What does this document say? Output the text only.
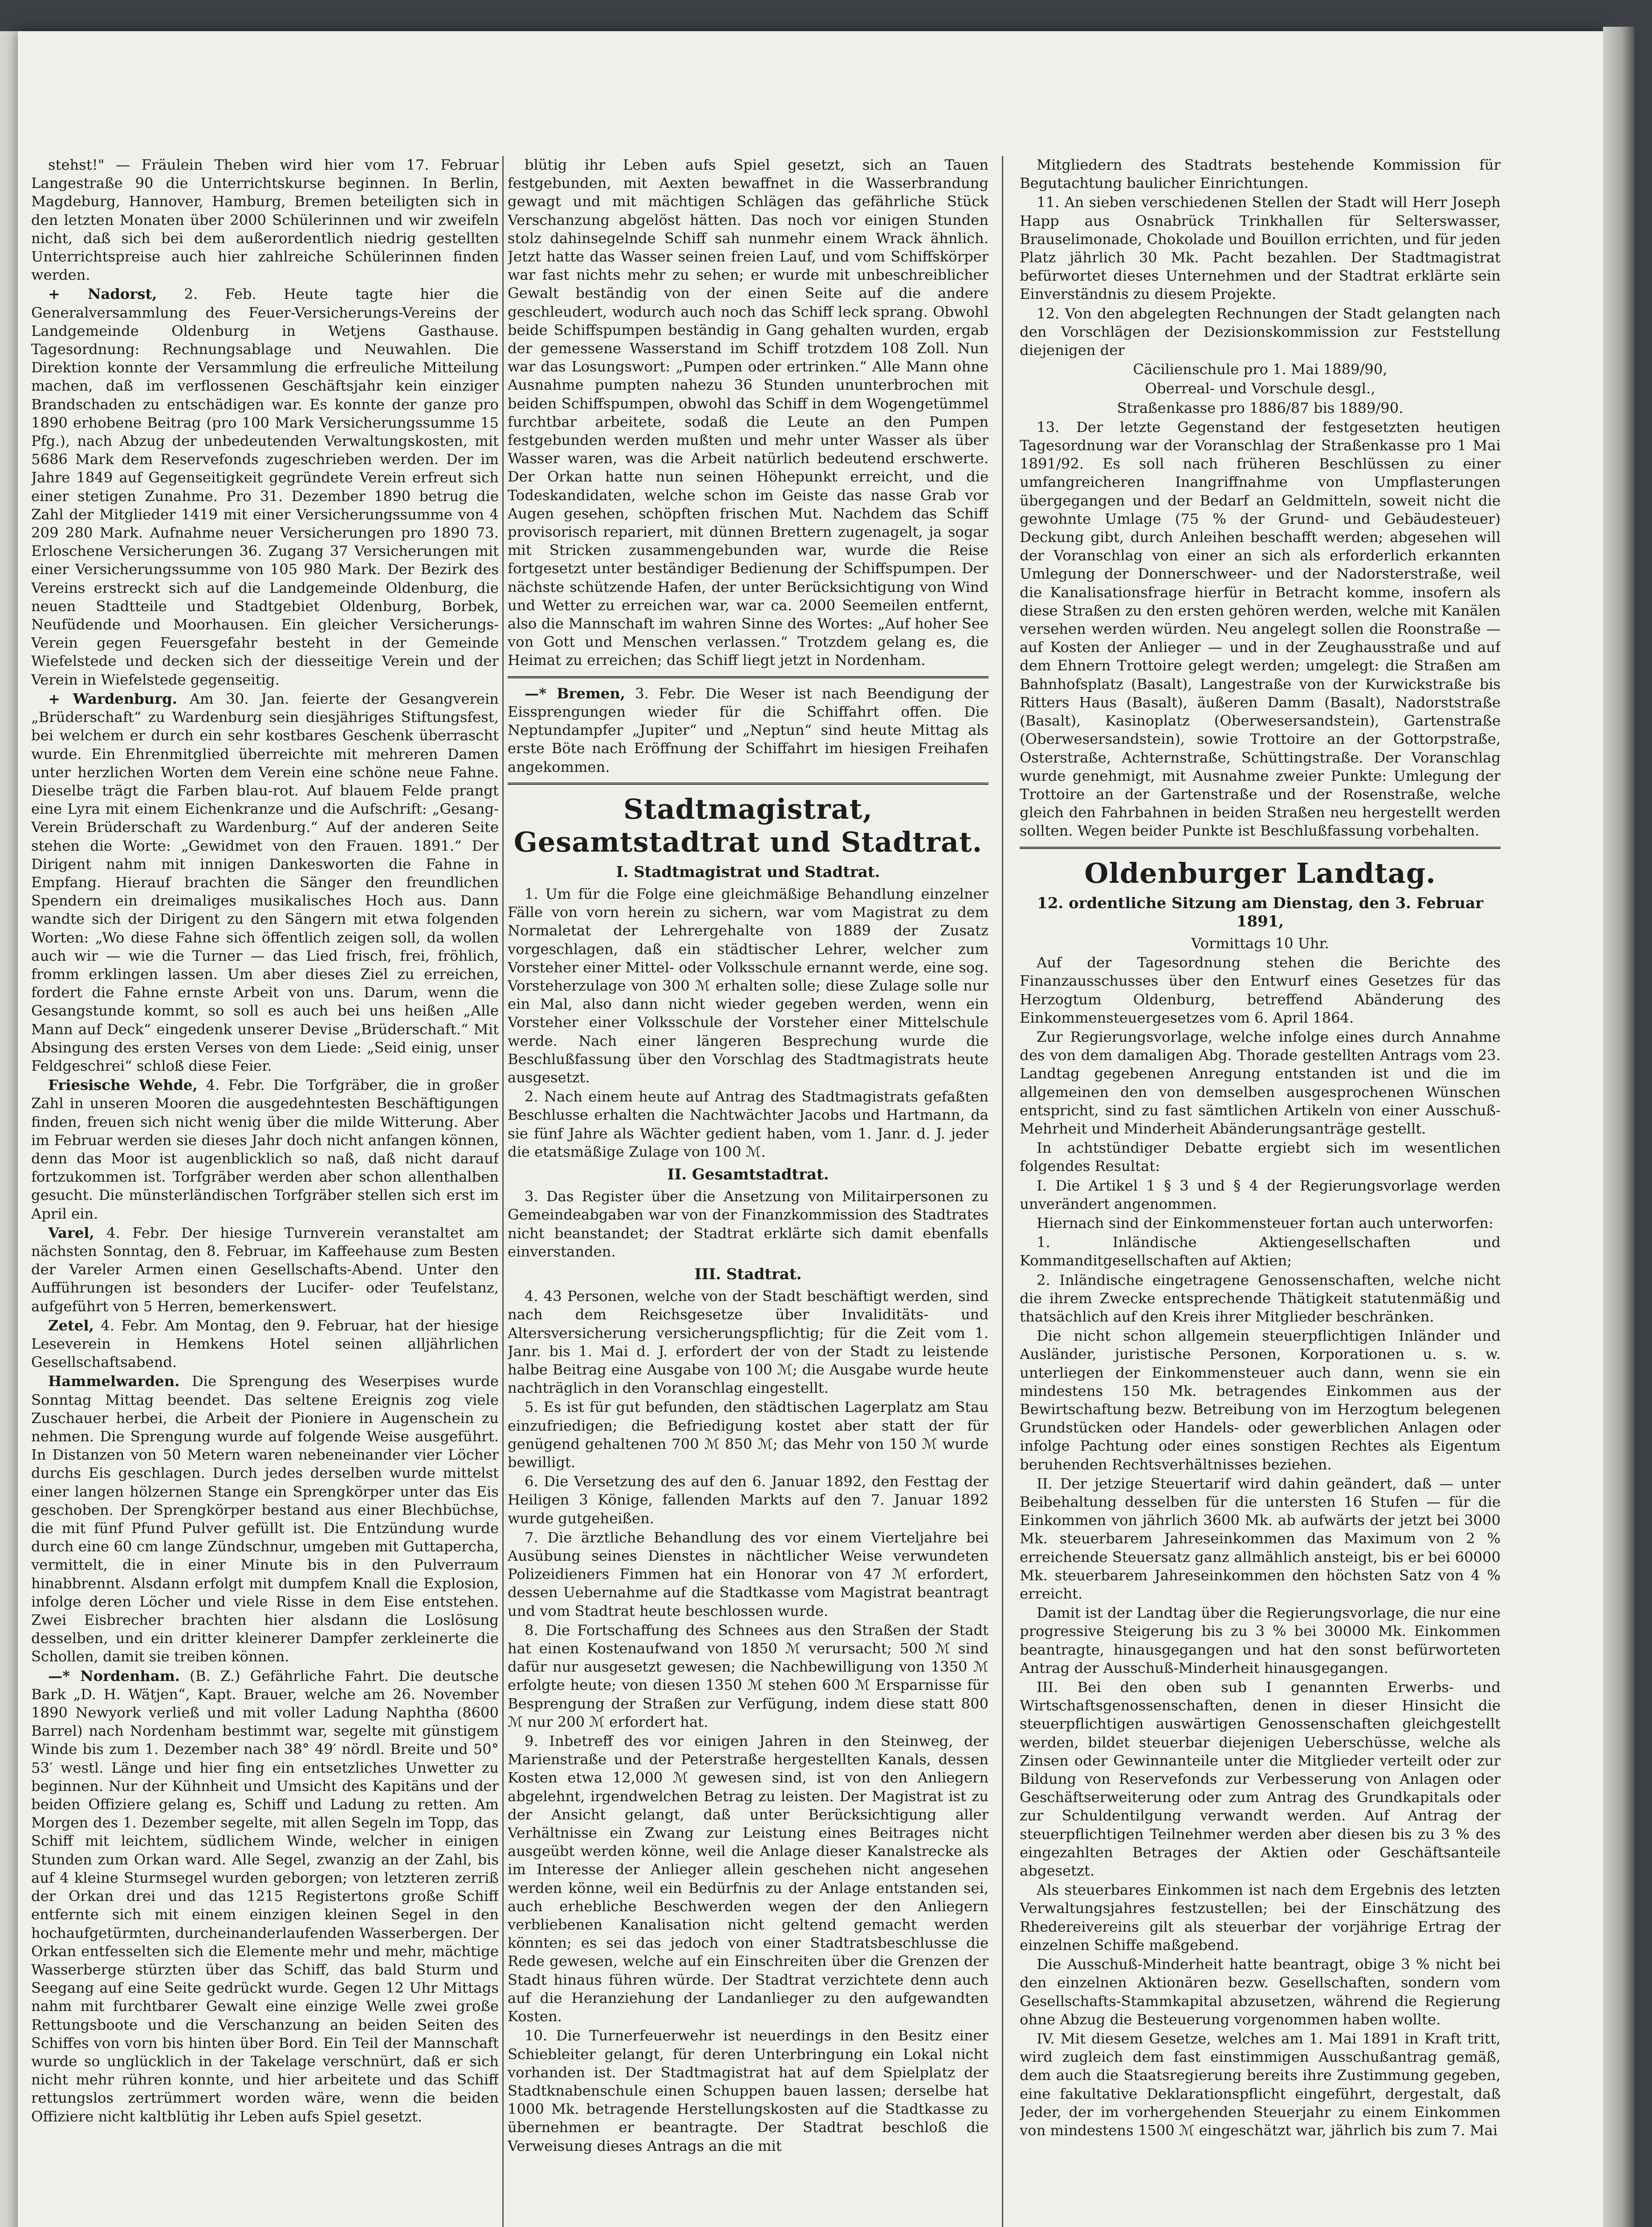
stehst!" — Fräulein Theben wird hier vom 17. Februar Langestraße 90 die Unterrichtskurse beginnen. In Berlin, Magdeburg, Hannover, Hamburg, Bremen beteiligten sich in den letzten Monaten über 2000 Schülerinnen und wir zweifeln nicht, daß sich bei dem außerordentlich niedrig gestellten Unterrichtspreise auch hier zahlreiche Schülerinnen finden werden.

+ Nadorst, 2. Feb. Heute tagte hier die Generalversammlung des Feuer-Versicherungs-Vereins der Landgemeinde Oldenburg in Wetjens Gasthause. Tagesordnung: Rechnungsablage und Neuwahlen. Die Direktion konnte der Versammlung die erfreuliche Mitteilung machen, daß im verflossenen Geschäftsjahr kein einziger Brandschaden zu entschädigen war. Es konnte der ganze pro 1890 erhobene Beitrag (pro 100 Mark Versicherungssumme 15 Pfg.), nach Abzug der unbedeutenden Verwaltungskosten, mit 5686 Mark dem Reservefonds zugeschrieben werden. Der im Jahre 1849 auf Gegenseitigkeit gegründete Verein erfreut sich einer stetigen Zunahme. Pro 31. Dezember 1890 betrug die Zahl der Mitglieder 1419 mit einer Versicherungssumme von 4 209 280 Mark. Aufnahme neuer Versicherungen pro 1890 73. Erloschene Versicherungen 36. Zugang 37 Versicherungen mit einer Versicherungssumme von 105 980 Mark. Der Bezirk des Vereins erstreckt sich auf die Landgemeinde Oldenburg, die neuen Stadtteile und Stadtgebiet Oldenburg, Borbek, Neufüdende und Moorhausen. Ein gleicher Versicherungs-Verein gegen Feuersgefahr besteht in der Gemeinde Wiefelstede und decken sich der diesseitige Verein und der Verein in Wiefelstede gegenseitig.

+ Wardenburg. Am 30. Jan. feierte der Gesangverein „Brüderschaft“ zu Wardenburg sein diesjähriges Stiftungsfest, bei welchem er durch ein sehr kostbares Geschenk überrascht wurde. Ein Ehrenmitglied überreichte mit mehreren Damen unter herzlichen Worten dem Verein eine schöne neue Fahne. Dieselbe trägt die Farben blau-rot. Auf blauem Felde prangt eine Lyra mit einem Eichenkranze und die Aufschrift: „Gesang-Verein Brüderschaft zu Wardenburg.“ Auf der anderen Seite stehen die Worte: „Gewidmet von den Frauen. 1891.“ Der Dirigent nahm mit innigen Dankesworten die Fahne in Empfang. Hierauf brachten die Sänger den freundlichen Spendern ein dreimaliges musikalisches Hoch aus. Dann wandte sich der Dirigent zu den Sängern mit etwa folgenden Worten: „Wo diese Fahne sich öffentlich zeigen soll, da wollen auch wir — wie die Turner — das Lied frisch, frei, fröhlich, fromm erklingen lassen. Um aber dieses Ziel zu erreichen, fordert die Fahne ernste Arbeit von uns. Darum, wenn die Gesangstunde kommt, so soll es auch bei uns heißen „Alle Mann auf Deck“ eingedenk unserer Devise „Brüderschaft.“ Mit Absingung des ersten Verses von dem Liede: „Seid einig, unser Feldgeschrei“ schloß diese Feier.

Friesische Wehde, 4. Febr. Die Torfgräber, die in großer Zahl in unseren Mooren die ausgedehntesten Beschäftigungen finden, freuen sich nicht wenig über die milde Witterung. Aber im Februar werden sie dieses Jahr doch nicht anfangen können, denn das Moor ist augenblicklich so naß, daß nicht darauf fortzukommen ist. Torfgräber werden aber schon allenthalben gesucht. Die münsterländischen Torfgräber stellen sich erst im April ein.

Varel, 4. Febr. Der hiesige Turnverein veranstaltet am nächsten Sonntag, den 8. Februar, im Kaffeehause zum Besten der Vareler Armen einen Gesellschafts-Abend. Unter den Aufführungen ist besonders der Lucifer- oder Teufelstanz, aufgeführt von 5 Herren, bemerkenswert.

Zetel, 4. Febr. Am Montag, den 9. Februar, hat der hiesige Leseverein in Hemkens Hotel seinen alljährlichen Gesellschaftsabend.

Hammelwarden. Die Sprengung des Weserpises wurde Sonntag Mittag beendet. Das seltene Ereignis zog viele Zuschauer herbei, die Arbeit der Pioniere in Augenschein zu nehmen. Die Sprengung wurde auf folgende Weise ausgeführt. In Distanzen von 50 Metern waren nebeneinander vier Löcher durchs Eis geschlagen. Durch jedes derselben wurde mittelst einer langen hölzernen Stange ein Sprengkörper unter das Eis geschoben. Der Sprengkörper bestand aus einer Blechbüchse, die mit fünf Pfund Pulver gefüllt ist. Die Entzündung wurde durch eine 60 cm lange Zündschnur, umgeben mit Guttapercha, vermittelt, die in einer Minute bis in den Pulverraum hinabbrennt. Alsdann erfolgt mit dumpfem Knall die Explosion, infolge deren Löcher und viele Risse in dem Eise entstehen. Zwei Eisbrecher brachten hier alsdann die Loslösung desselben, und ein dritter kleinerer Dampfer zerkleinerte die Schollen, damit sie treiben können.

—* Nordenham. (B. Z.) Gefährliche Fahrt. Die deutsche Bark „D. H. Wätjen“, Kapt. Brauer, welche am 26. November 1890 Newyork verließ und mit voller Ladung Naphtha (8600 Barrel) nach Nordenham bestimmt war, segelte mit günstigem Winde bis zum 1. Dezember nach 38° 49′ nördl. Breite und 50° 53′ westl. Länge und hier fing ein entsetzliches Unwetter zu beginnen. Nur der Kühnheit und Umsicht des Kapitäns und der beiden Offiziere gelang es, Schiff und Ladung zu retten. Am Morgen des 1. Dezember segelte, mit allen Segeln im Topp, das Schiff mit leichtem, südlichem Winde, welcher in einigen Stunden zum Orkan ward. Alle Segel, zwanzig an der Zahl, bis auf 4 kleine Sturmsegel wurden geborgen; von letzteren zerriß der Orkan drei und das 1215 Registertons große Schiff entfernte sich mit einem einzigen kleinen Segel in den hochaufgetürmten, durcheinanderlaufenden Wasserbergen. Der Orkan entfesselten sich die Elemente mehr und mehr, mächtige Wasserberge stürzten über das Schiff, das bald Sturm und Seegang auf eine Seite gedrückt wurde. Gegen 12 Uhr Mittags nahm mit furchtbarer Gewalt eine einzige Welle zwei große Rettungsboote und die Verschanzung an beiden Seiten des Schiffes von vorn bis hinten über Bord. Ein Teil der Mannschaft wurde so unglücklich in der Takelage verschnürt, daß er sich nicht mehr rühren konnte, und hier arbeitete und das Schiff rettungslos zertrümmert worden wäre, wenn die beiden Offiziere nicht kaltblütig ihr Leben aufs Spiel gesetzt.

blütig ihr Leben aufs Spiel gesetzt, sich an Tauen festgebunden, mit Aexten bewaffnet in die Wasserbrandung gewagt und mit mächtigen Schlägen das gefährliche Stück Verschanzung abgelöst hätten. Das noch vor einigen Stunden stolz dahinsegelnde Schiff sah nunmehr einem Wrack ähnlich. Jetzt hatte das Wasser seinen freien Lauf, und vom Schiffskörper war fast nichts mehr zu sehen; er wurde mit unbeschreiblicher Gewalt beständig von der einen Seite auf die andere geschleudert, wodurch auch noch das Schiff leck sprang. Obwohl beide Schiffspumpen beständig in Gang gehalten wurden, ergab der gemessene Wasserstand im Schiff trotzdem 108 Zoll. Nun war das Losungswort: „Pumpen oder ertrinken.“ Alle Mann ohne Ausnahme pumpten nahezu 36 Stunden ununterbrochen mit beiden Schiffspumpen, obwohl das Schiff in dem Wogengetümmel furchtbar arbeitete, sodaß die Leute an den Pumpen festgebunden werden mußten und mehr unter Wasser als über Wasser waren, was die Arbeit natürlich bedeutend erschwerte. Der Orkan hatte nun seinen Höhepunkt erreicht, und die Todeskandidaten, welche schon im Geiste das nasse Grab vor Augen gesehen, schöpften frischen Mut. Nachdem das Schiff provisorisch repariert, mit dünnen Brettern zugenagelt, ja sogar mit Stricken zusammengebunden war, wurde die Reise fortgesetzt unter beständiger Bedienung der Schiffspumpen. Der nächste schützende Hafen, der unter Berücksichtigung von Wind und Wetter zu erreichen war, war ca. 2000 Seemeilen entfernt, also die Mannschaft im wahren Sinne des Wortes: „Auf hoher See von Gott und Menschen verlassen.“ Trotzdem gelang es, die Heimat zu erreichen; das Schiff liegt jetzt in Nordenham.

—* Bremen, 3. Febr. Die Weser ist nach Beendigung der Eissprengungen wieder für die Schiffahrt offen. Die Neptundampfer „Jupiter“ und „Neptun“ sind heute Mittag als erste Böte nach Eröffnung der Schiffahrt im hiesigen Freihafen angekommen.

Stadtmagistrat, Gesamtstadtrat und Stadtrat.
I. Stadtmagistrat und Stadtrat.

1. Um für die Folge eine gleichmäßige Behandlung einzelner Fälle von vorn herein zu sichern, war vom Magistrat zu dem Normaletat der Lehrergehalte von 1889 der Zusatz vorgeschlagen, daß ein städtischer Lehrer, welcher zum Vorsteher einer Mittel- oder Volksschule ernannt werde, eine sog. Vorsteherzulage von 300 ℳ erhalten solle; diese Zulage solle nur ein Mal, also dann nicht wieder gegeben werden, wenn ein Vorsteher einer Volksschule der Vorsteher einer Mittelschule werde. Nach einer längeren Besprechung wurde die Beschlußfassung über den Vorschlag des Stadtmagistrats heute ausgesetzt.

2. Nach einem heute auf Antrag des Stadtmagistrats gefaßten Beschlusse erhalten die Nachtwächter Jacobs und Hartmann, da sie fünf Jahre als Wächter gedient haben, vom 1. Janr. d. J. jeder die etatsmäßige Zulage von 100 ℳ.

II. Gesamtstadtrat.

3. Das Register über die Ansetzung von Militairpersonen zu Gemeindeabgaben war von der Finanzkommission des Stadtrates nicht beanstandet; der Stadtrat erklärte sich damit ebenfalls einverstanden.

III. Stadtrat.

4. 43 Personen, welche von der Stadt beschäftigt werden, sind nach dem Reichsgesetze über Invaliditäts- und Altersversicherung versicherungspflichtig; für die Zeit vom 1. Janr. bis 1. Mai d. J. erfordert der von der Stadt zu leistende halbe Beitrag eine Ausgabe von 100 ℳ; die Ausgabe wurde heute nachträglich in den Voranschlag eingestellt.

5. Es ist für gut befunden, den städtischen Lagerplatz am Stau einzufriedigen; die Befriedigung kostet aber statt der für genügend gehaltenen 700 ℳ 850 ℳ; das Mehr von 150 ℳ wurde bewilligt.

6. Die Versetzung des auf den 6. Januar 1892, den Festtag der Heiligen 3 Könige, fallenden Markts auf den 7. Januar 1892 wurde gutgeheißen.

7. Die ärztliche Behandlung des vor einem Vierteljahre bei Ausübung seines Dienstes in nächtlicher Weise verwundeten Polizeidieners Fimmen hat ein Honorar von 47 ℳ erfordert, dessen Uebernahme auf die Stadtkasse vom Magistrat beantragt und vom Stadtrat heute beschlossen wurde.

8. Die Fortschaffung des Schnees aus den Straßen der Stadt hat einen Kostenaufwand von 1850 ℳ verursacht; 500 ℳ sind dafür nur ausgesetzt gewesen; die Nachbewilligung von 1350 ℳ erfolgte heute; von diesen 1350 ℳ stehen 600 ℳ Ersparnisse für Besprengung der Straßen zur Verfügung, indem diese statt 800 ℳ nur 200 ℳ erfordert hat.

9. Inbetreff des vor einigen Jahren in den Steinweg, der Marienstraße und der Peterstraße hergestellten Kanals, dessen Kosten etwa 12,000 ℳ gewesen sind, ist von den Anliegern abgelehnt, irgendwelchen Betrag zu leisten. Der Magistrat ist zu der Ansicht gelangt, daß unter Berücksichtigung aller Verhältnisse ein Zwang zur Leistung eines Beitrages nicht ausgeübt werden könne, weil die Anlage dieser Kanalstrecke als im Interesse der Anlieger allein geschehen nicht angesehen werden könne, weil ein Bedürfnis zu der Anlage entstanden sei, auch erhebliche Beschwerden wegen der den Anliegern verbliebenen Kanalisation nicht geltend gemacht werden könnten; es sei das jedoch von einer Stadtratsbeschlusse die Rede gewesen, welche auf ein Einschreiten über die Grenzen der Stadt hinaus führen würde. Der Stadtrat verzichtete denn auch auf die Heranziehung der Landanlieger zu den aufgewandten Kosten.

10. Die Turnerfeuerwehr ist neuerdings in den Besitz einer Schiebleiter gelangt, für deren Unterbringung ein Lokal nicht vorhanden ist. Der Stadtmagistrat hat auf dem Spielplatz der Stadtknabenschule einen Schuppen bauen lassen; derselbe hat 1000 Mk. betragende Herstellungskosten auf die Stadtkasse zu übernehmen er beantragte. Der Stadtrat beschloß die Verweisung dieses Antrags an die mit

Mitgliedern des Stadtrats bestehende Kommission für Begutachtung baulicher Einrichtungen.

11. An sieben verschiedenen Stellen der Stadt will Herr Joseph Happ aus Osnabrück Trinkhallen für Selterswasser, Brauselimonade, Chokolade und Bouillon errichten, und für jeden Platz jährlich 30 Mk. Pacht bezahlen. Der Stadtmagistrat befürwortet dieses Unternehmen und der Stadtrat erklärte sein Einverständnis zu diesem Projekte.

12. Von den abgelegten Rechnungen der Stadt gelangten nach den Vorschlägen der Dezisionskommission zur Feststellung diejenigen der

Cäcilienschule pro 1. Mai 1889/90,

Oberreal- und Vorschule desgl.,

Straßenkasse pro 1886/87 bis 1889/90.

13. Der letzte Gegenstand der festgesetzten heutigen Tagesordnung war der Voranschlag der Straßenkasse pro 1 Mai 1891/92. Es soll nach früheren Beschlüssen zu einer umfangreicheren Inangriffnahme von Umpflasterungen übergegangen und der Bedarf an Geldmitteln, soweit nicht die gewohnte Umlage (75 % der Grund- und Gebäudesteuer) Deckung gibt, durch Anleihen beschafft werden; abgesehen will der Voranschlag von einer an sich als erforderlich erkannten Umlegung der Donnerschweer- und der Nadorsterstraße, weil die Kanalisationsfrage hierfür in Betracht komme, insofern als diese Straßen zu den ersten gehören werden, welche mit Kanälen versehen werden würden. Neu angelegt sollen die Roonstraße — auf Kosten der Anlieger — und in der Zeughausstraße und auf dem Ehnern Trottoire gelegt werden; umgelegt: die Straßen am Bahnhofsplatz (Basalt), Langestraße von der Kurwickstraße bis Ritters Haus (Basalt), äußeren Damm (Basalt), Nadorststraße (Basalt), Kasinoplatz (Oberwesersandstein), Gartenstraße (Oberwesersandstein), sowie Trottoire an der Gottorpstraße, Osterstraße, Achternstraße, Schüttingstraße. Der Voranschlag wurde genehmigt, mit Ausnahme zweier Punkte: Umlegung der Trottoire an der Gartenstraße und der Rosenstraße, welche gleich den Fahrbahnen in beiden Straßen neu hergestellt werden sollten. Wegen beider Punkte ist Beschlußfassung vorbehalten.

Oldenburger Landtag.
12. ordentliche Sitzung am Dienstag, den 3. Februar 1891,

Vormittags 10 Uhr.

Auf der Tagesordnung stehen die Berichte des Finanzausschusses über den Entwurf eines Gesetzes für das Herzogtum Oldenburg, betreffend Abänderung des Einkommensteuergesetzes vom 6. April 1864.

Zur Regierungsvorlage, welche infolge eines durch Annahme des von dem damaligen Abg. Thorade gestellten Antrags vom 23. Landtag gegebenen Anregung entstanden ist und die im allgemeinen den von demselben ausgesprochenen Wünschen entspricht, sind zu fast sämtlichen Artikeln von einer Ausschuß-Mehrheit und Minderheit Abänderungsanträge gestellt.

In achtstündiger Debatte ergiebt sich im wesentlichen folgendes Resultat:

I. Die Artikel 1 § 3 und § 4 der Regierungsvorlage werden unverändert angenommen.

Hiernach sind der Einkommensteuer fortan auch unterworfen:

1. Inländische Aktiengesellschaften und Kommanditgesellschaften auf Aktien;

2. Inländische eingetragene Genossenschaften, welche nicht die ihrem Zwecke entsprechende Thätigkeit statutenmäßig und thatsächlich auf den Kreis ihrer Mitglieder beschränken.

Die nicht schon allgemein steuerpflichtigen Inländer und Ausländer, juristische Personen, Korporationen u. s. w. unterliegen der Einkommensteuer auch dann, wenn sie ein mindestens 150 Mk. betragendes Einkommen aus der Bewirtschaftung bezw. Betreibung von im Herzogtum belegenen Grundstücken oder Handels- oder gewerblichen Anlagen oder infolge Pachtung oder eines sonstigen Rechtes als Eigentum beruhenden Rechtsverhältnisses beziehen.

II. Der jetzige Steuertarif wird dahin geändert, daß — unter Beibehaltung desselben für die untersten 16 Stufen — für die Einkommen von jährlich 3600 Mk. ab aufwärts der jetzt bei 3000 Mk. steuerbarem Jahreseinkommen das Maximum von 2 % erreichende Steuersatz ganz allmählich ansteigt, bis er bei 60000 Mk. steuerbarem Jahreseinkommen den höchsten Satz von 4 % erreicht.

Damit ist der Landtag über die Regierungsvorlage, die nur eine progressive Steigerung bis zu 3 % bei 30000 Mk. Einkommen beantragte, hinausgegangen und hat den sonst befürworteten Antrag der Ausschuß-Minderheit hinausgegangen.

III. Bei den oben sub I genannten Erwerbs- und Wirtschaftsgenossenschaften, denen in dieser Hinsicht die steuerpflichtigen auswärtigen Genossenschaften gleichgestellt werden, bildet steuerbar diejenigen Ueberschüsse, welche als Zinsen oder Gewinnanteile unter die Mitglieder verteilt oder zur Bildung von Reservefonds zur Verbesserung von Anlagen oder Geschäftserweiterung oder zum Antrag des Grundkapitals oder zur Schuldentilgung verwandt werden. Auf Antrag der steuerpflichtigen Teilnehmer werden aber diesen bis zu 3 % des eingezahlten Betrages der Aktien oder Geschäftsanteile abgesetzt.

Als steuerbares Einkommen ist nach dem Ergebnis des letzten Verwaltungsjahres festzustellen; bei der Einschätzung des Rhedereivereins gilt als steuerbar der vorjährige Ertrag der einzelnen Schiffe maßgebend.

Die Ausschuß-Minderheit hatte beantragt, obige 3 % nicht bei den einzelnen Aktionären bezw. Gesellschaften, sondern vom Gesellschafts-Stammkapital abzusetzen, während die Regierung ohne Abzug die Besteuerung vorgenommen haben wollte.

IV. Mit diesem Gesetze, welches am 1. Mai 1891 in Kraft tritt, wird zugleich dem fast einstimmigen Ausschußantrag gemäß, dem auch die Staatsregierung bereits ihre Zustimmung gegeben, eine fakultative Deklarationspflicht eingeführt, dergestalt, daß Jeder, der im vorhergehenden Steuerjahr zu einem Einkommen von mindestens 1500 ℳ eingeschätzt war, jährlich bis zum 7. Mai
